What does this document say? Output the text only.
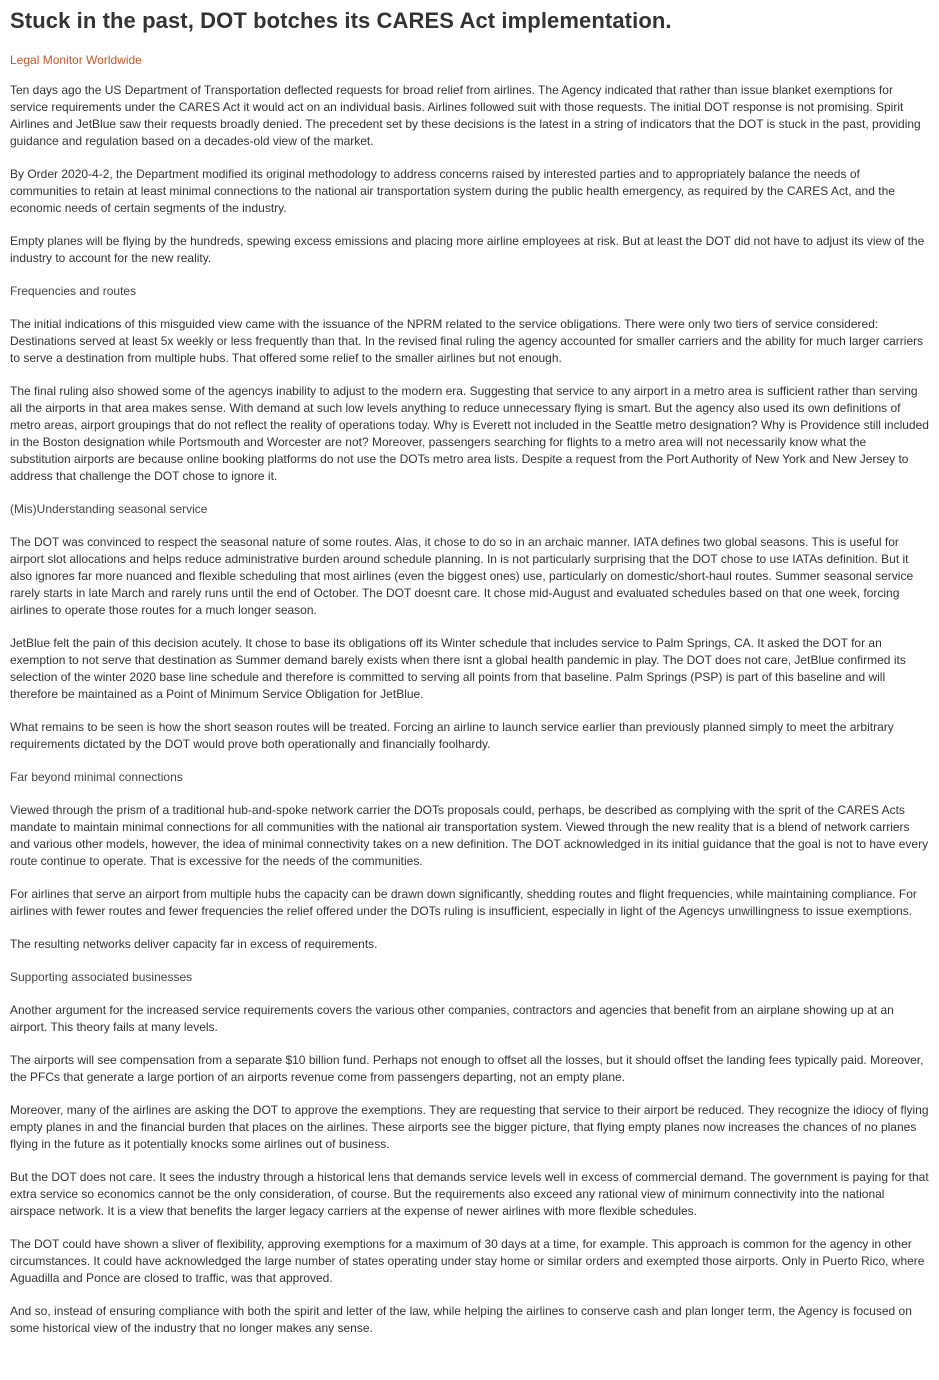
Stuck in the past, DOT botches its CARES Act implementation.
Legal Monitor Worldwide

Ten days ago the US Department of Transportation deflected requests for broad relief from airlines. The Agency indicated that rather than issue blanket exemptions for service requirements under the CARES Act it would act on an individual basis. Airlines followed suit with those requests. The initial DOT response is not promising. Spirit Airlines and JetBlue saw their requests broadly denied. The precedent set by these decisions is the latest in a string of indicators that the DOT is stuck in the past, providing guidance and regulation based on a decades-old view of the market.

By Order 2020-4-2, the Department modified its original methodology to address concerns raised by interested parties and to appropriately balance the needs of communities to retain at least minimal connections to the national air transportation system during the public health emergency, as required by the CARES Act, and the economic needs of certain segments of the industry.

Empty planes will be flying by the hundreds, spewing excess emissions and placing more airline employees at risk. But at least the DOT did not have to adjust its view of the industry to account for the new reality.

Frequencies and routes

The initial indications of this misguided view came with the issuance of the NPRM related to the service obligations. There were only two tiers of service considered: Destinations served at least 5x weekly or less frequently than that. In the revised final ruling the agency accounted for smaller carriers and the ability for much larger carriers to serve a destination from multiple hubs. That offered some relief to the smaller airlines but not enough.

The final ruling also showed some of the agencys inability to adjust to the modern era. Suggesting that service to any airport in a metro area is sufficient rather than serving all the airports in that area makes sense. With demand at such low levels anything to reduce unnecessary flying is smart. But the agency also used its own definitions of metro areas, airport groupings that do not reflect the reality of operations today. Why is Everett not included in the Seattle metro designation? Why is Providence still included in the Boston designation while Portsmouth and Worcester are not? Moreover, passengers searching for flights to a metro area will not necessarily know what the substitution airports are because online booking platforms do not use the DOTs metro area lists. Despite a request from the Port Authority of New York and New Jersey to address that challenge the DOT chose to ignore it.

(Mis)Understanding seasonal service

The DOT was convinced to respect the seasonal nature of some routes. Alas, it chose to do so in an archaic manner. IATA defines two global seasons. This is useful for airport slot allocations and helps reduce administrative burden around schedule planning. In is not particularly surprising that the DOT chose to use IATAs definition. But it also ignores far more nuanced and flexible scheduling that most airlines (even the biggest ones) use, particularly on domestic/short-haul routes. Summer seasonal service rarely starts in late March and rarely runs until the end of October. The DOT doesnt care. It chose mid-August and evaluated schedules based on that one week, forcing airlines to operate those routes for a much longer season.

JetBlue felt the pain of this decision acutely. It chose to base its obligations off its Winter schedule that includes service to Palm Springs, CA. It asked the DOT for an exemption to not serve that destination as Summer demand barely exists when there isnt a global health pandemic in play. The DOT does not care, JetBlue confirmed its selection of the winter 2020 base line schedule and therefore is committed to serving all points from that baseline. Palm Springs (PSP) is part of this baseline and will therefore be maintained as a Point of Minimum Service Obligation for JetBlue.

What remains to be seen is how the short season routes will be treated. Forcing an airline to launch service earlier than previously planned simply to meet the arbitrary requirements dictated by the DOT would prove both operationally and financially foolhardy.

Far beyond minimal connections

Viewed through the prism of a traditional hub-and-spoke network carrier the DOTs proposals could, perhaps, be described as complying with the sprit of the CARES Acts mandate to maintain minimal connections for all communities with the national air transportation system. Viewed through the new reality that is a blend of network carriers and various other models, however, the idea of minimal connectivity takes on a new definition. The DOT acknowledged in its initial guidance that the goal is not to have every route continue to operate. That is excessive for the needs of the communities.

For airlines that serve an airport from multiple hubs the capacity can be drawn down significantly, shedding routes and flight frequencies, while maintaining compliance. For airlines with fewer routes and fewer frequencies the relief offered under the DOTs ruling is insufficient, especially in light of the Agencys unwillingness to issue exemptions.

The resulting networks deliver capacity far in excess of requirements.

Supporting associated businesses

Another argument for the increased service requirements covers the various other companies, contractors and agencies that benefit from an airplane showing up at an airport. This theory fails at many levels.

The airports will see compensation from a separate $10 billion fund. Perhaps not enough to offset all the losses, but it should offset the landing fees typically paid. Moreover, the PFCs that generate a large portion of an airports revenue come from passengers departing, not an empty plane.

Moreover, many of the airlines are asking the DOT to approve the exemptions. They are requesting that service to their airport be reduced. They recognize the idiocy of flying empty planes in and the financial burden that places on the airlines. These airports see the bigger picture, that flying empty planes now increases the chances of no planes flying in the future as it potentially knocks some airlines out of business.

But the DOT does not care. It sees the industry through a historical lens that demands service levels well in excess of commercial demand. The government is paying for that extra service so economics cannot be the only consideration, of course. But the requirements also exceed any rational view of minimum connectivity into the national airspace network. It is a view that benefits the larger legacy carriers at the expense of newer airlines with more flexible schedules.

The DOT could have shown a sliver of flexibility, approving exemptions for a maximum of 30 days at a time, for example. This approach is common for the agency in other circumstances. It could have acknowledged the large number of states operating under stay home or similar orders and exempted those airports. Only in Puerto Rico, where Aguadilla and Ponce are closed to traffic, was that approved.

And so, instead of ensuring compliance with both the spirit and letter of the law, while helping the airlines to conserve cash and plan longer term, the Agency is focused on some historical view of the industry that no longer makes any sense.
